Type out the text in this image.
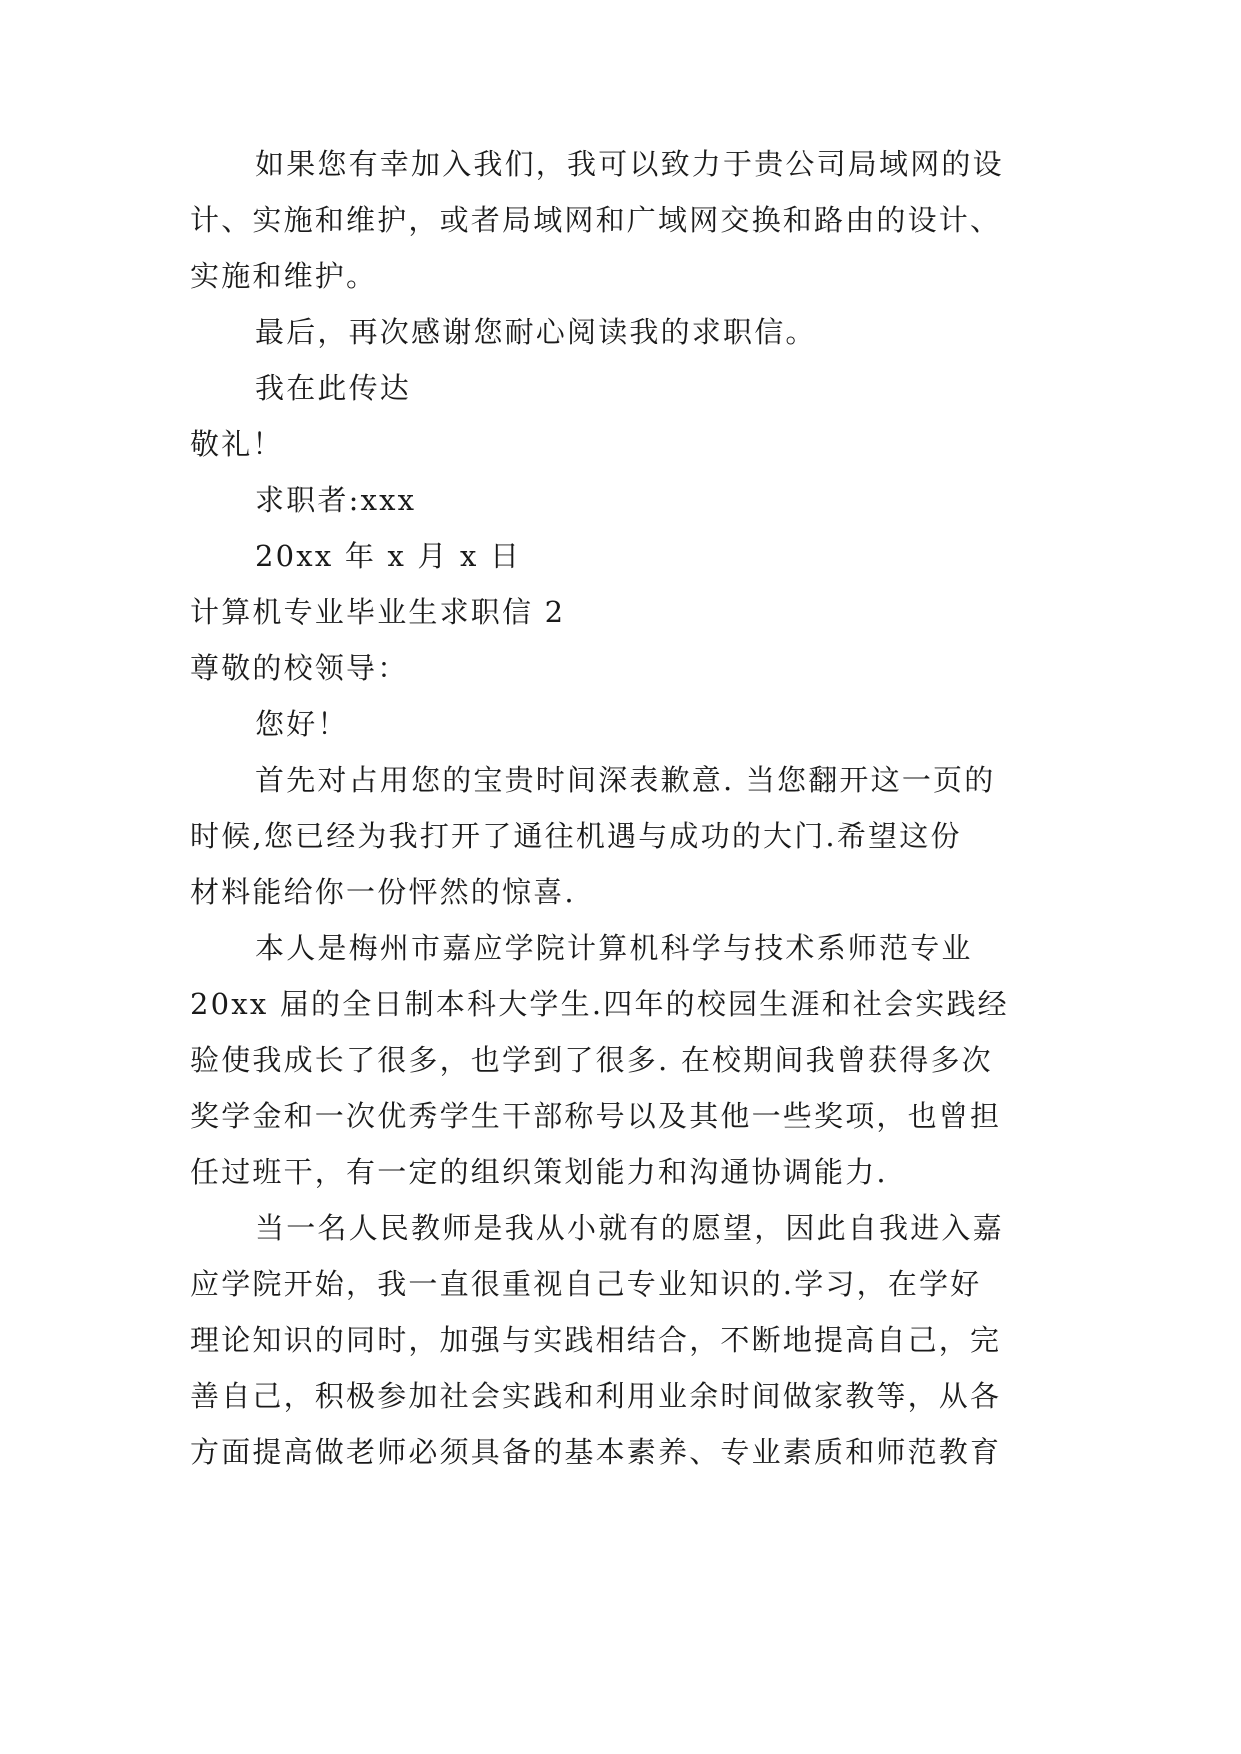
如果您有幸加入我们，我可以致力于贵公司局域网的设
计、实施和维护，或者局域网和广域网交换和路由的设计、
实施和维护。
最后，再次感谢您耐心阅读我的求职信。
我在此传达
敬礼！
求职者:xxx
20xx 年 x 月 x 日
计算机专业毕业生求职信 2
尊敬的校领导：
您好！
首先对占用您的宝贵时间深表歉意. 当您翻开这一页的
时候,您已经为我打开了通往机遇与成功的大门.希望这份
材料能给你一份怦然的惊喜.
本人是梅州市嘉应学院计算机科学与技术系师范专业
20xx 届的全日制本科大学生.四年的校园生涯和社会实践经
验使我成长了很多，也学到了很多. 在校期间我曾获得多次
奖学金和一次优秀学生干部称号以及其他一些奖项，也曾担
任过班干，有一定的组织策划能力和沟通协调能力.
当一名人民教师是我从小就有的愿望，因此自我进入嘉
应学院开始，我一直很重视自己专业知识的.学习，在学好
理论知识的同时，加强与实践相结合，不断地提高自己，完
善自己，积极参加社会实践和利用业余时间做家教等，从各
方面提高做老师必须具备的基本素养、专业素质和师范教育
